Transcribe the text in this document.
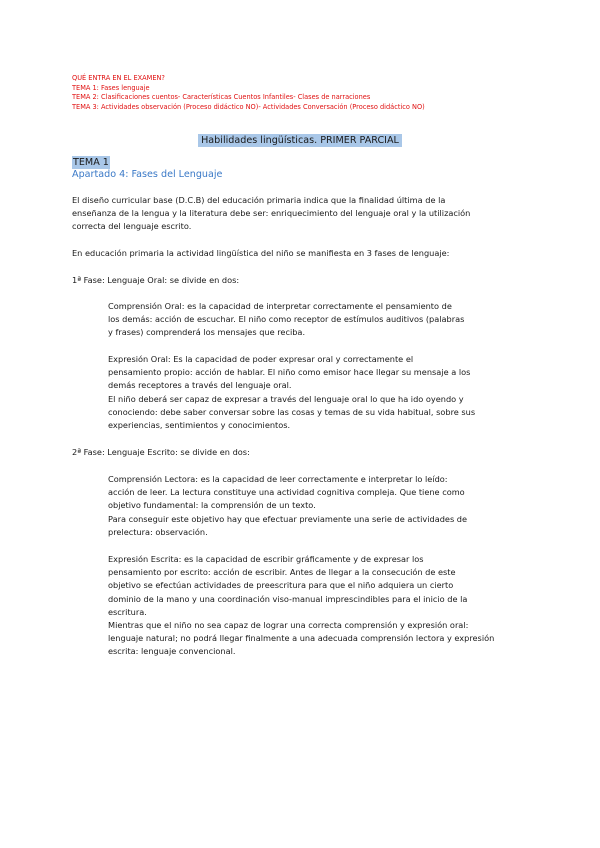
QUÉ ENTRA EN EL EXAMEN?
TEMA 1: Fases lenguaje
TEMA 2: Clasificaciones cuentos- Características Cuentos Infantiles- Clases de narraciones
TEMA 3: Actividades observación (Proceso didáctico NO)- Actividades Conversación (Proceso didáctico NO)
Habilidades lingüísticas. PRIMER PARCIAL
TEMA 1
Apartado 4: Fases del Lenguaje
El diseño curricular base (D.C.B) del educación primaria indica que la finalidad última de la
enseñanza de la lengua y la literatura debe ser: enriquecimiento del lenguaje oral y la utilización
correcta del lenguaje escrito.
En educación primaria la actividad lingüística del niño se manifiesta en 3 fases de lenguaje:
1ª Fase: Lenguaje Oral: se divide en dos:
Comprensión Oral: es la capacidad de interpretar correctamente el pensamiento de
los demás: acción de escuchar. El niño como receptor de estímulos auditivos (palabras
y frases) comprenderá los mensajes que reciba.
Expresión Oral: Es la capacidad de poder expresar oral y correctamente el
pensamiento propio: acción de hablar. El niño como emisor hace llegar su mensaje a los
demás receptores a través del lenguaje oral.
El niño deberá ser capaz de expresar a través del lenguaje oral lo que ha ido oyendo y
conociendo: debe saber conversar sobre las cosas y temas de su vida habitual, sobre sus
experiencias, sentimientos y conocimientos.
2ª Fase: Lenguaje Escrito: se divide en dos:
Comprensión Lectora: es la capacidad de leer correctamente e interpretar lo leído:
acción de leer. La lectura constituye una actividad cognitiva compleja. Que tiene como
objetivo fundamental: la comprensión de un texto.
Para conseguir este objetivo hay que efectuar previamente una serie de actividades de
prelectura: observación.
Expresión Escrita: es la capacidad de escribir gráficamente y de expresar los
pensamiento por escrito: acción de escribir. Antes de llegar a la consecución de este
objetivo se efectúan actividades de preescritura para que el niño adquiera un cierto
dominio de la mano y una coordinación viso-manual imprescindibles para el inicio de la
escritura.
Mientras que el niño no sea capaz de lograr una correcta comprensión y expresión oral:
lenguaje natural; no podrá llegar finalmente a una adecuada comprensión lectora y expresión
escrita: lenguaje convencional.
